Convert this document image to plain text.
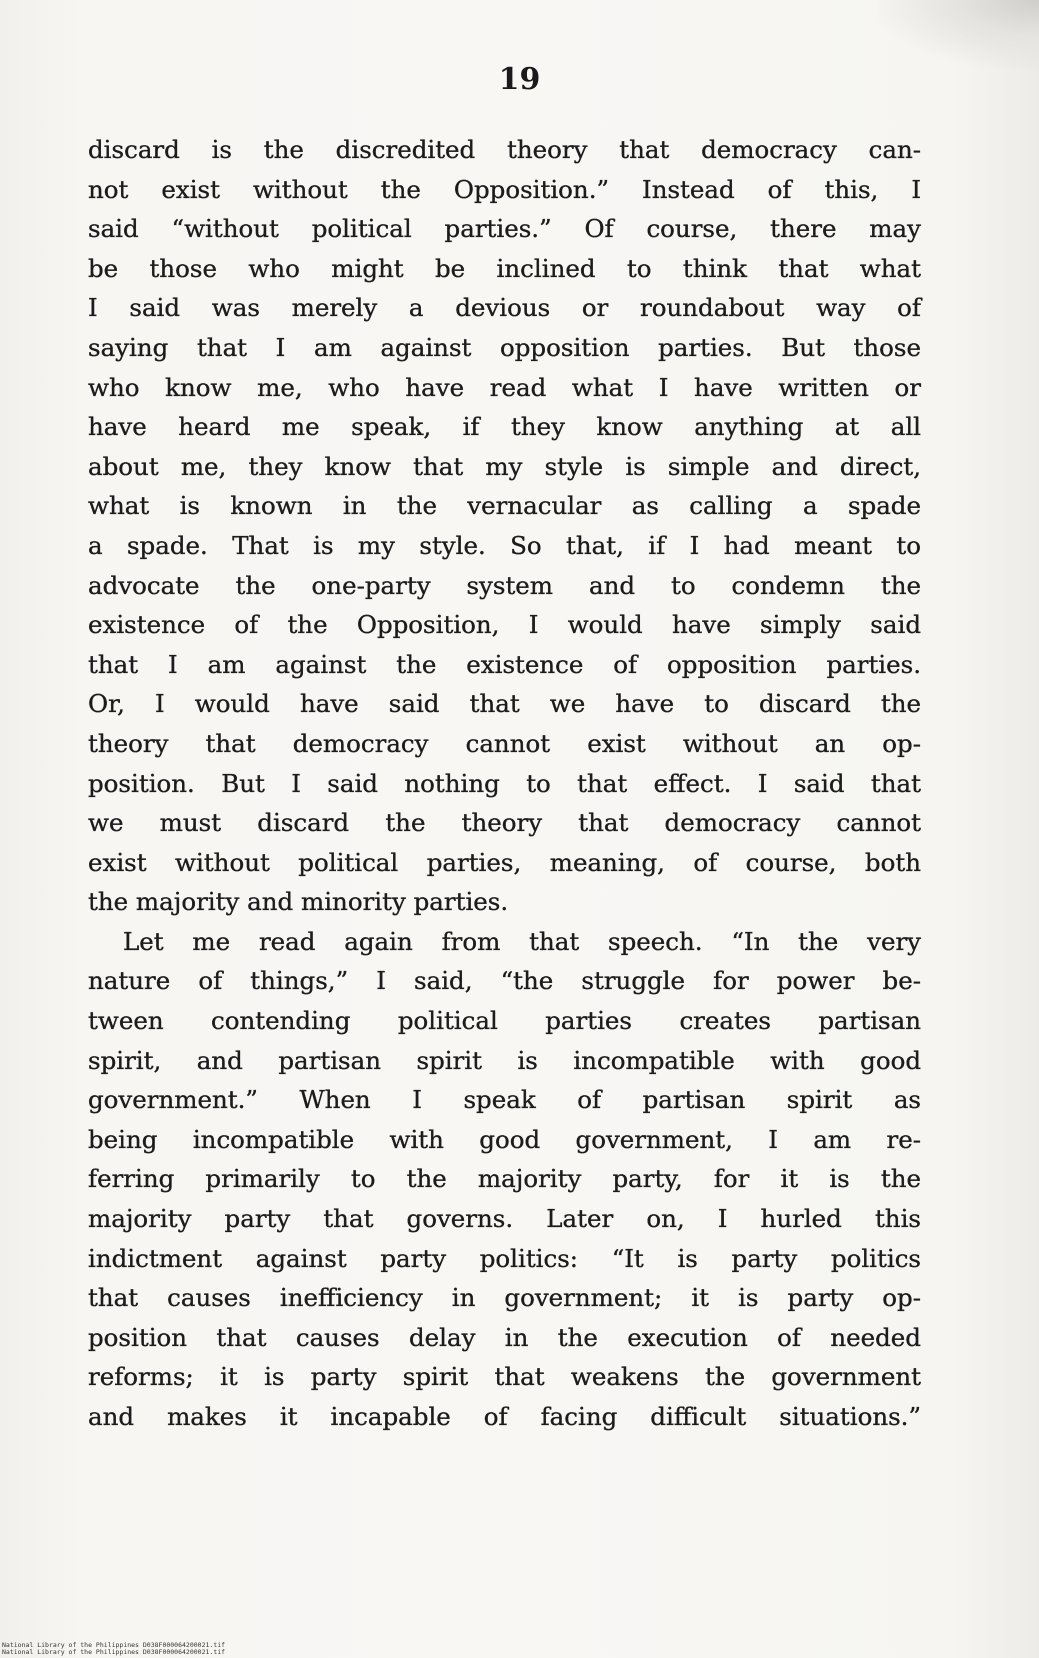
19
discard is the discredited theory that democracy can-
not exist without the Opposition.” Instead of this, I
said “without political parties.” Of course, there may
be those who might be inclined to think that what
I said was merely a devious or roundabout way of
saying that I am against opposition parties. But those
who know me, who have read what I have written or
have heard me speak, if they know anything at all
about me, they know that my style is simple and direct,
what is known in the vernacular as calling a spade
a spade. That is my style. So that, if I had meant to
advocate the one-party system and to condemn the
existence of the Opposition, I would have simply said
that I am against the existence of opposition parties.
Or, I would have said that we have to discard the
theory that democracy cannot exist without an op-
position. But I said nothing to that effect. I said that
we must discard the theory that democracy cannot
exist without political parties, meaning, of course, both
the majority and minority parties.
Let me read again from that speech. “In the very
nature of things,” I said, “the struggle for power be-
tween contending political parties creates partisan
spirit, and partisan spirit is incompatible with good
government.” When I speak of partisan spirit as
being incompatible with good government, I am re-
ferring primarily to the majority party, for it is the
majority party that governs. Later on, I hurled this
indictment against party politics: “It is party politics
that causes inefficiency in government; it is party op-
position that causes delay in the execution of needed
reforms; it is party spirit that weakens the government
and makes it incapable of facing difficult situations.”
National Library of the Philippines D038F000064200021.tif
National Library of the Philippines D038F000064200021.tif
